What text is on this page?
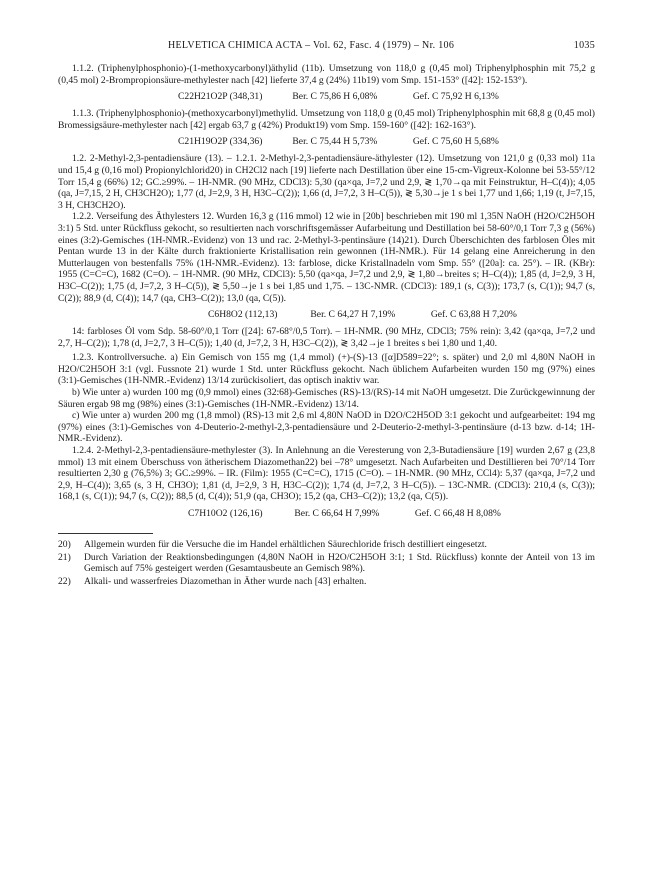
HELVETICA CHIMICA ACTA – Vol. 62, Fasc. 4 (1979) – Nr. 106	1035

1.1.2. (Triphenylphosphonio)-(1-methoxycarbonyl)äthylid (11b). Umsetzung von 118,0 g (0,45 mol) Triphenylphosphin mit 75,2 g (0,45 mol) 2-Brompropionsäure-methylester nach [42] lieferte 37,4 g (24%) 11b19) vom Smp. 151-153° ([42]: 152-153°).

C22H21O2P (348,31)	Ber. C 75,86 H 6,08%	Gef. C 75,92 H 6,13%

1.1.3. (Triphenylphosphonio)-(methoxycarbonyl)methylid. Umsetzung von 118,0 g (0,45 mol) Triphenylphosphin mit 68,8 g (0,45 mol) Bromessigsäure-methylester nach [42] ergab 63,7 g (42%) Produkt19) vom Smp. 159-160° ([42]: 162-163°).

C21H19O2P (334,36)	Ber. C 75,44 H 5,73%	Gef. C 75,60 H 5,68%

1.2. 2-Methyl-2,3-pentadiensäure (13). – 1.2.1. 2-Methyl-2,3-pentadiensäure-äthylester (12). Umsetzung von 121,0 g (0,33 mol) 11a und 15,4 g (0,16 mol) Propionylchlorid20) in CH2Cl2 nach [19] lieferte nach Destillation über eine 15-cm-Vigreux-Kolonne bei 53-55°/12 Torr 15,4 g (66%) 12; GC.≥99%. – 1H-NMR. (90 MHz, CDCl3): 5,30 (qa×qa, J=7,2 und 2,9, ≷ 1,70→qa mit Feinstruktur, H–C(4)); 4,05 (qa, J=7,15, 2 H, CH3CH2O); 1,77 (d, J=2,9, 3 H, H3C–C(2)); 1,66 (d, J=7,2, 3 H–C(5)), ≷ 5,30→je 1 s bei 1,77 und 1,66; 1,19 (t, J=7,15, 3 H, CH3CH2O).

1.2.2. Verseifung des Äthylesters 12. Wurden 16,3 g (116 mmol) 12 wie in [20b] beschrieben mit 190 ml 1,35N NaOH (H2O/C2H5OH 3:1) 5 Std. unter Rückfluss gekocht, so resultierten nach vorschriftsgemässer Aufarbeitung und Destillation bei 58-60°/0,1 Torr 7,3 g (56%) eines (3:2)-Gemisches (1H-NMR.-Evidenz) von 13 und rac. 2-Methyl-3-pentinsäure (14)21). Durch Überschichten des farblosen Öles mit Pentan wurde 13 in der Kälte durch fraktionierte Kristallisation rein gewonnen (1H-NMR.). Für 14 gelang eine Anreicherung in den Mutterlaugen von bestenfalls 75% (1H-NMR.-Evidenz). 13: farblose, dicke Kristallnadeln vom Smp. 55° ([20a]: ca. 25°). – IR. (KBr): 1955 (C=C=C), 1682 (C=O). – 1H-NMR. (90 MHz, CDCl3): 5,50 (qa×qa, J=7,2 und 2,9, ≷ 1,80→breites s; H–C(4)); 1,85 (d, J=2,9, 3 H, H3C–C(2)); 1,75 (d, J=7,2, 3 H–C(5)), ≷ 5,50→je 1 s bei 1,85 und 1,75. – 13C-NMR. (CDCl3): 189,1 (s, C(3)); 173,7 (s, C(1)); 94,7 (s, C(2)); 88,9 (d, C(4)); 14,7 (qa, CH3–C(2)); 13,0 (qa, C(5)).

C6H8O2 (112,13)	Ber. C 64,27 H 7,19%	Gef. C 63,88 H 7,20%

14: farbloses Öl vom Sdp. 58-60°/0,1 Torr ([24]: 67-68°/0,5 Torr). – 1H-NMR. (90 MHz, CDCl3; 75% rein): 3,42 (qa×qa, J=7,2 und 2,7, H–C(2)); 1,78 (d, J=2,7, 3 H–C(5)); 1,40 (d, J=7,2, 3 H, H3C–C(2)), ≷ 3,42→je 1 breites s bei 1,80 und 1,40.

1.2.3. Kontrollversuche. a) Ein Gemisch von 155 mg (1,4 mmol) (+)-(S)-13 ([α]D589=22°; s. später) und 2,0 ml 4,80N NaOH in H2O/C2H5OH 3:1 (vgl. Fussnote 21) wurde 1 Std. unter Rückfluss gekocht. Nach üblichem Aufarbeiten wurden 150 mg (97%) eines (3:1)-Gemisches (1H-NMR.-Evidenz) 13/14 zurückisoliert, das optisch inaktiv war.

b) Wie unter a) wurden 100 mg (0,9 mmol) eines (32:68)-Gemisches (RS)-13/(RS)-14 mit NaOH umgesetzt. Die Zurückgewinnung der Säuren ergab 98 mg (98%) eines (3:1)-Gemisches (1H-NMR.-Evidenz) 13/14.

c) Wie unter a) wurden 200 mg (1,8 mmol) (RS)-13 mit 2,6 ml 4,80N NaOD in D2O/C2H5OD 3:1 gekocht und aufgearbeitet: 194 mg (97%) eines (3:1)-Gemisches von 4-Deuterio-2-methyl-2,3-pentadiensäure und 2-Deuterio-2-methyl-3-pentinsäure (d-13 bzw. d-14; 1H-NMR.-Evidenz).

1.2.4. 2-Methyl-2,3-pentadiensäure-methylester (3). In Anlehnung an die Veresterung von 2,3-Butadiensäure [19] wurden 2,67 g (23,8 mmol) 13 mit einem Überschuss von ätherischem Diazomethan22) bei –78° umgesetzt. Nach Aufarbeiten und Destillieren bei 70°/14 Torr resultierten 2,30 g (76,5%) 3; GC.≥99%. – IR. (Film): 1955 (C=C=C), 1715 (C=O). – 1H-NMR. (90 MHz, CCl4): 5,37 (qa×qa, J=7,2 und 2,9, H–C(4)); 3,65 (s, 3 H, CH3O); 1,81 (d, J=2,9, 3 H, H3C–C(2)); 1,74 (d, J=7,2, 3 H–C(5)). – 13C-NMR. (CDCl3): 210,4 (s, C(3)); 168,1 (s, C(1)); 94,7 (s, C(2)); 88,5 (d, C(4)); 51,9 (qa, CH3O); 15,2 (qa, CH3–C(2)); 13,2 (qa, C(5)).

C7H10O2 (126,16)	Ber. C 66,64 H 7,99%	Gef. C 66,48 H 8,08%
20)	Allgemein wurden für die Versuche die im Handel erhältlichen Säurechloride frisch destilliert eingesetzt.
21)	Durch Variation der Reaktionsbedingungen (4,80N NaOH in H2O/C2H5OH 3:1; 1 Std. Rückfluss) konnte der Anteil von 13 im Gemisch auf 75% gesteigert werden (Gesamtausbeute an Gemisch 98%).
22)	Alkali- und wasserfreies Diazomethan in Äther wurde nach [43] erhalten.
